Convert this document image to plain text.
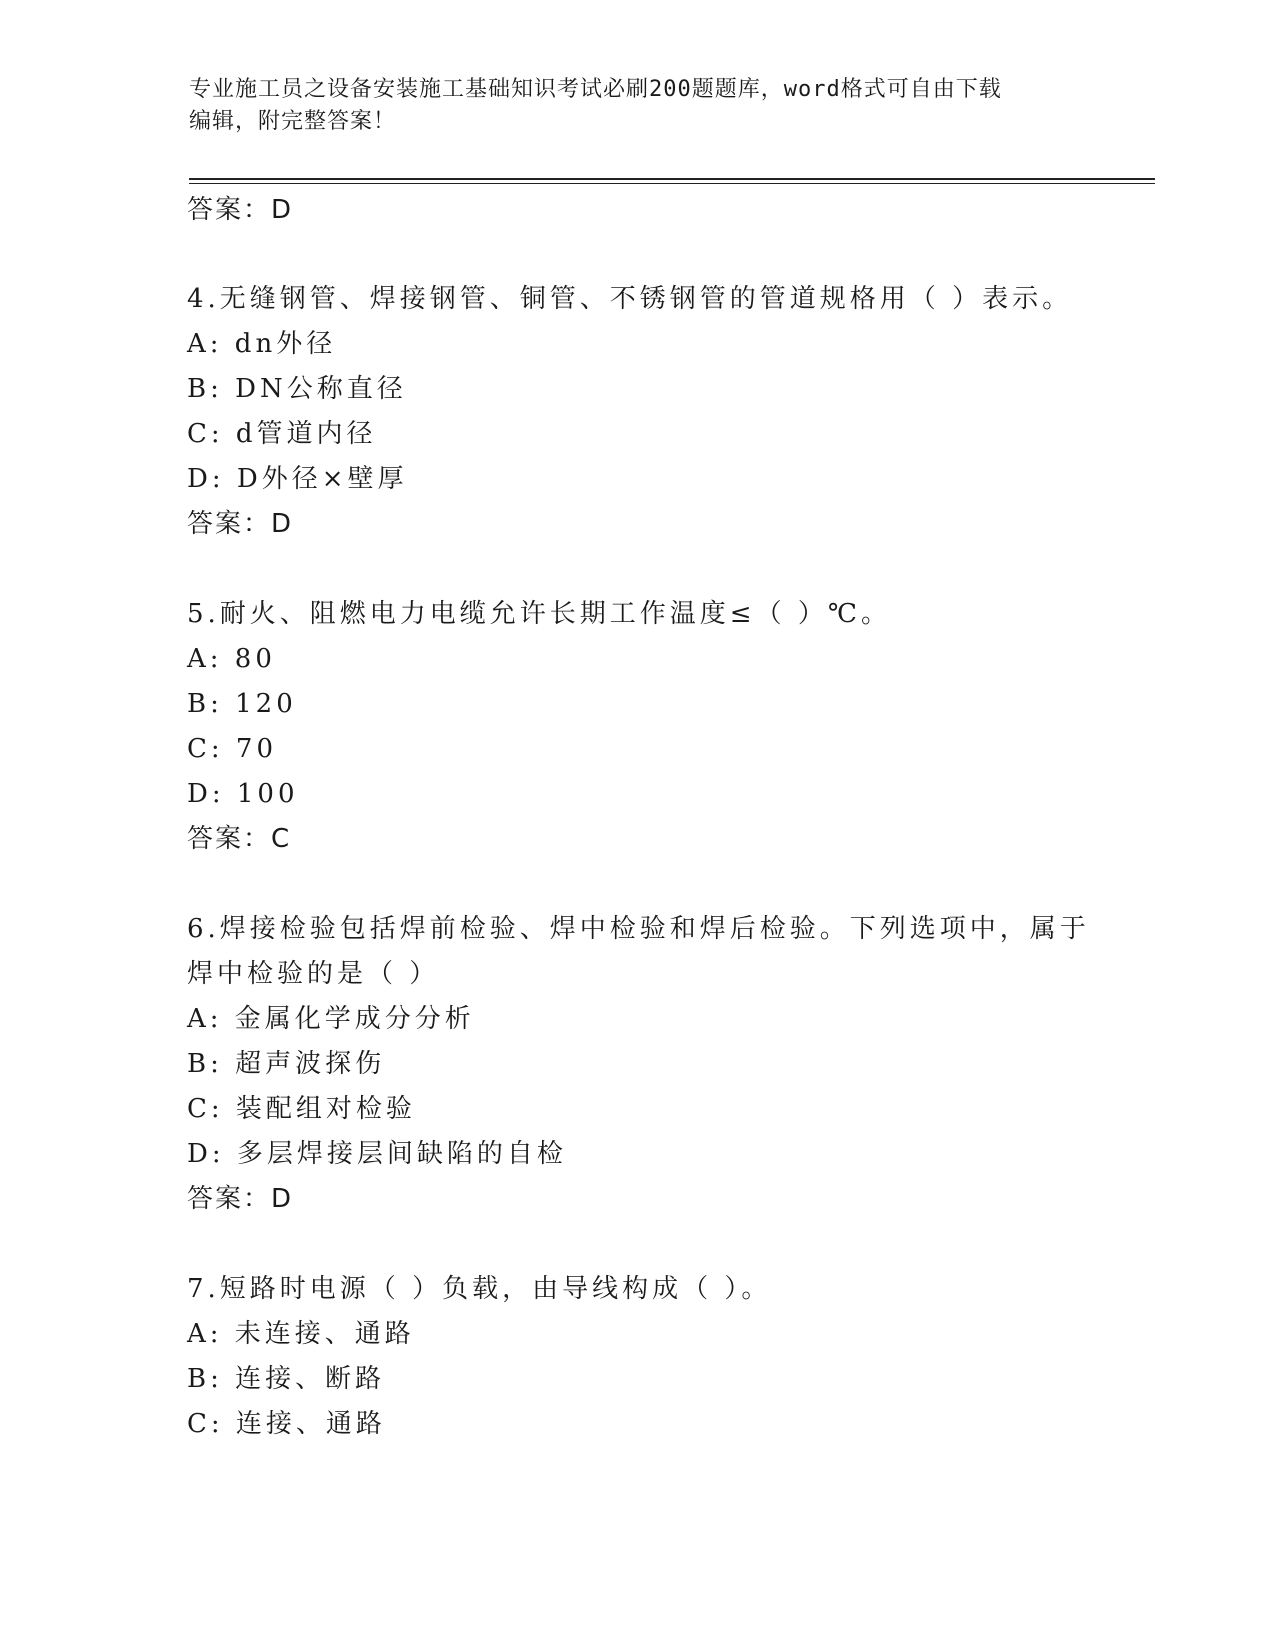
专业施工员之设备安装施工基础知识考试必刷200题题库，word格式可自由下载
编辑，附完整答案！
答案：D
4.无缝钢管、焊接钢管、铜管、不锈钢管的管道规格用（ ）表示。
A: dn外径
B: DN公称直径
C: d管道内径
D: D外径×壁厚
答案：D
5.耐火、阻燃电力电缆允许长期工作温度≤（ ）℃。
A: 80
B: 120
C: 70
D: 100
答案：C
6.焊接检验包括焊前检验、焊中检验和焊后检验。下列选项中，属于
焊中检验的是（ ）
A: 金属化学成分分析
B: 超声波探伤
C: 装配组对检验
D: 多层焊接层间缺陷的自检
答案：D
7.短路时电源（ ）负载，由导线构成（ ）。
A: 未连接、通路
B: 连接、断路
C: 连接、通路
